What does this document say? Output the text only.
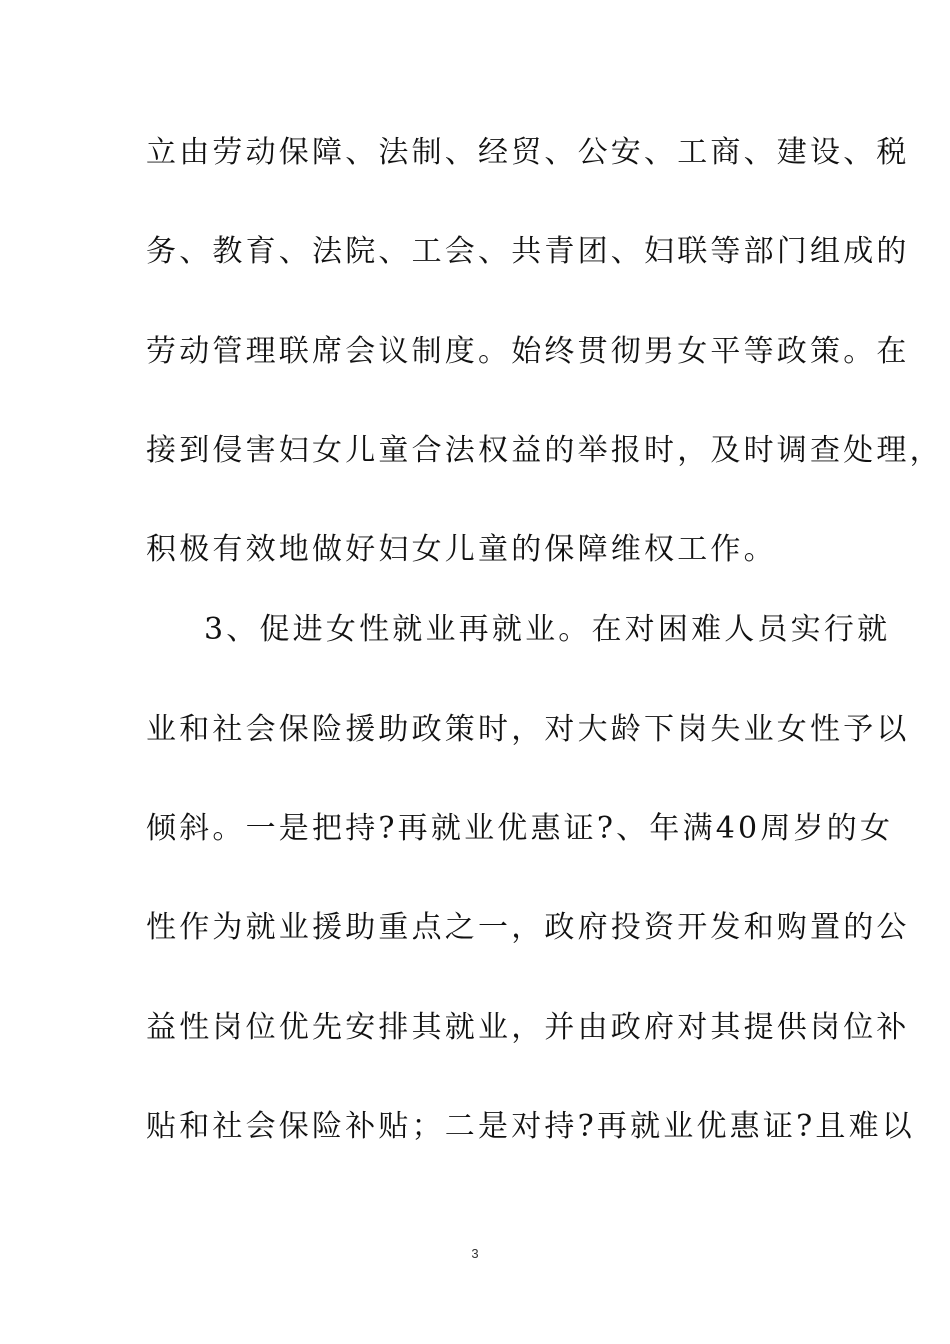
立由劳动保障、法制、经贸、公安、工商、建设、税
务、教育、法院、工会、共青团、妇联等部门组成的
劳动管理联席会议制度。始终贯彻男女平等政策。在
接到侵害妇女儿童合法权益的举报时，及时调查处理，
积极有效地做好妇女儿童的保障维权工作。
3、促进女性就业再就业。在对困难人员实行就
业和社会保险援助政策时，对大龄下岗失业女性予以
倾斜。一是把持?再就业优惠证?、年满40周岁的女
性作为就业援助重点之一，政府投资开发和购置的公
益性岗位优先安排其就业，并由政府对其提供岗位补
贴和社会保险补贴；二是对持?再就业优惠证?且难以
3
